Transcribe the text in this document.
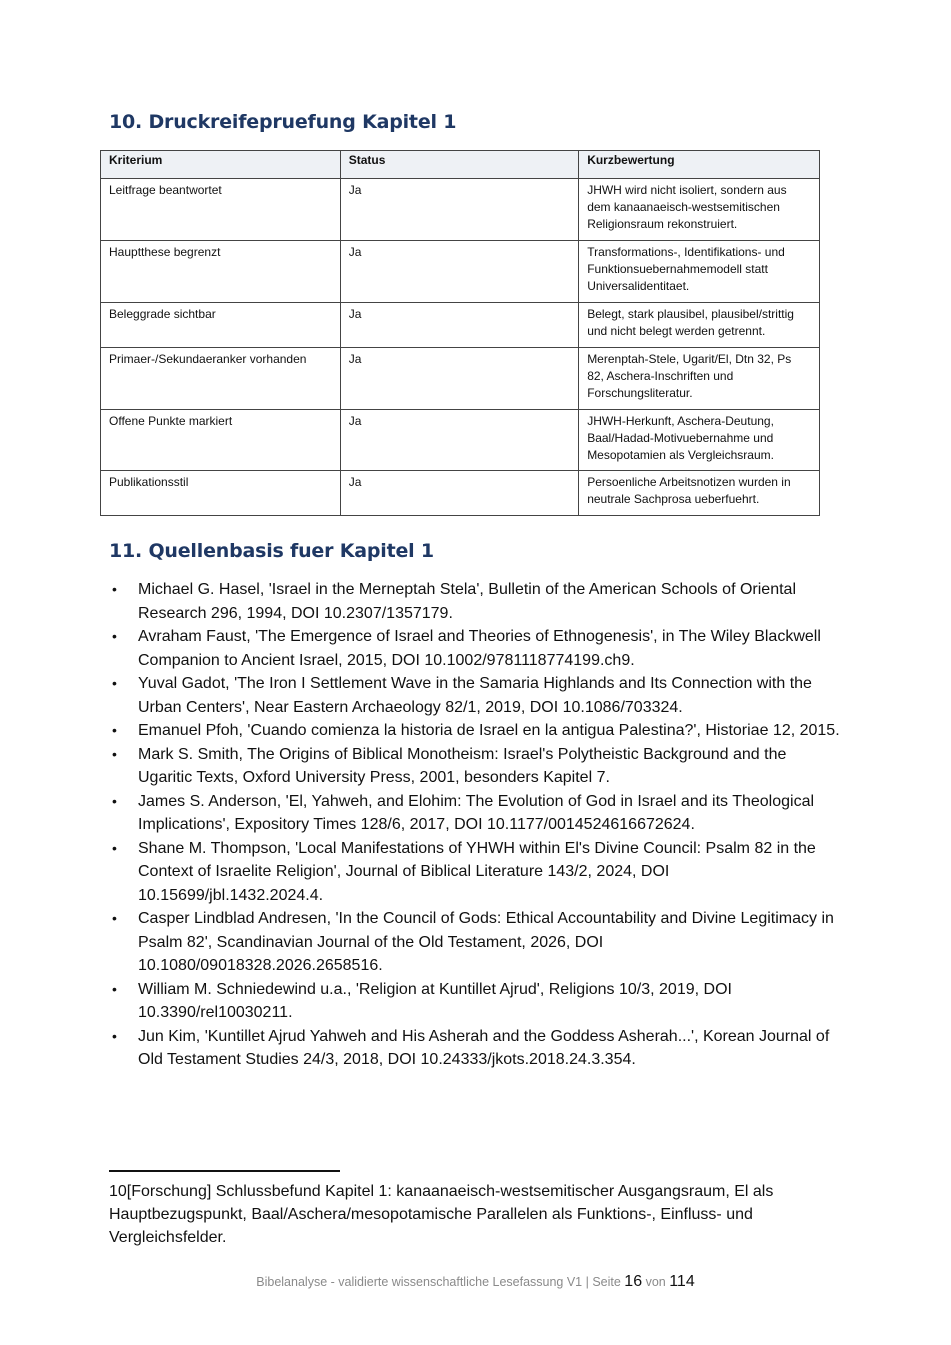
10. Druckreifepruefung Kapitel 1
Kriterium	Status	Kurzbewertung
Leitfrage beantwortet	Ja	JHWH wird nicht isoliert, sondern aus dem kanaanaeisch-westsemitischen Religionsraum rekonstruiert.
Hauptthese begrenzt	Ja	Transformations-, Identifikations- und Funktionsuebernahmemodell statt Universalidentitaet.
Beleggrade sichtbar	Ja	Belegt, stark plausibel, plausibel/strittig und nicht belegt werden getrennt.
Primaer-/Sekundaeranker vorhanden	Ja	Merenptah-Stele, Ugarit/El, Dtn 32, Ps 82, Aschera-Inschriften und Forschungsliteratur.
Offene Punkte markiert	Ja	JHWH-Herkunft, Aschera-Deutung, Baal/Hadad-Motivuebernahme und Mesopotamien als Vergleichsraum.
Publikationsstil	Ja	Persoenliche Arbeitsnotizen wurden in neutrale Sachprosa ueberfuehrt.
11. Quellenbasis fuer Kapitel 1
• Michael G. Hasel, 'Israel in the Merneptah Stela', Bulletin of the American Schools of Oriental Research 296, 1994, DOI 10.2307/1357179.
• Avraham Faust, 'The Emergence of Israel and Theories of Ethnogenesis', in The Wiley Blackwell Companion to Ancient Israel, 2015, DOI 10.1002/9781118774199.ch9.
• Yuval Gadot, 'The Iron I Settlement Wave in the Samaria Highlands and Its Connection with the Urban Centers', Near Eastern Archaeology 82/1, 2019, DOI 10.1086/703324.
• Emanuel Pfoh, 'Cuando comienza la historia de Israel en la antigua Palestina?', Historiae 12, 2015.
• Mark S. Smith, The Origins of Biblical Monotheism: Israel's Polytheistic Background and the Ugaritic Texts, Oxford University Press, 2001, besonders Kapitel 7.
• James S. Anderson, 'El, Yahweh, and Elohim: The Evolution of God in Israel and its Theological Implications', Expository Times 128/6, 2017, DOI 10.1177/0014524616672624.
• Shane M. Thompson, 'Local Manifestations of YHWH within El's Divine Council: Psalm 82 in the Context of Israelite Religion', Journal of Biblical Literature 143/2, 2024, DOI 10.15699/jbl.1432.2024.4.
• Casper Lindblad Andresen, 'In the Council of Gods: Ethical Accountability and Divine Legitimacy in Psalm 82', Scandinavian Journal of the Old Testament, 2026, DOI 10.1080/09018328.2026.2658516.
• William M. Schniedewind u.a., 'Religion at Kuntillet Ajrud', Religions 10/3, 2019, DOI 10.3390/rel10030211.
• Jun Kim, 'Kuntillet Ajrud Yahweh and His Asherah and the Goddess Asherah...', Korean Journal of Old Testament Studies 24/3, 2018, DOI 10.24333/jkots.2018.24.3.354.

10[Forschung] Schlussbefund Kapitel 1: kanaanaeisch-westsemitischer Ausgangsraum, El als Hauptbezugspunkt, Baal/Aschera/mesopotamische Parallelen als Funktions-, Einfluss- und Vergleichsfelder.

Bibelanalyse - validierte wissenschaftliche Lesefassung V1 | Seite 16 von 114
